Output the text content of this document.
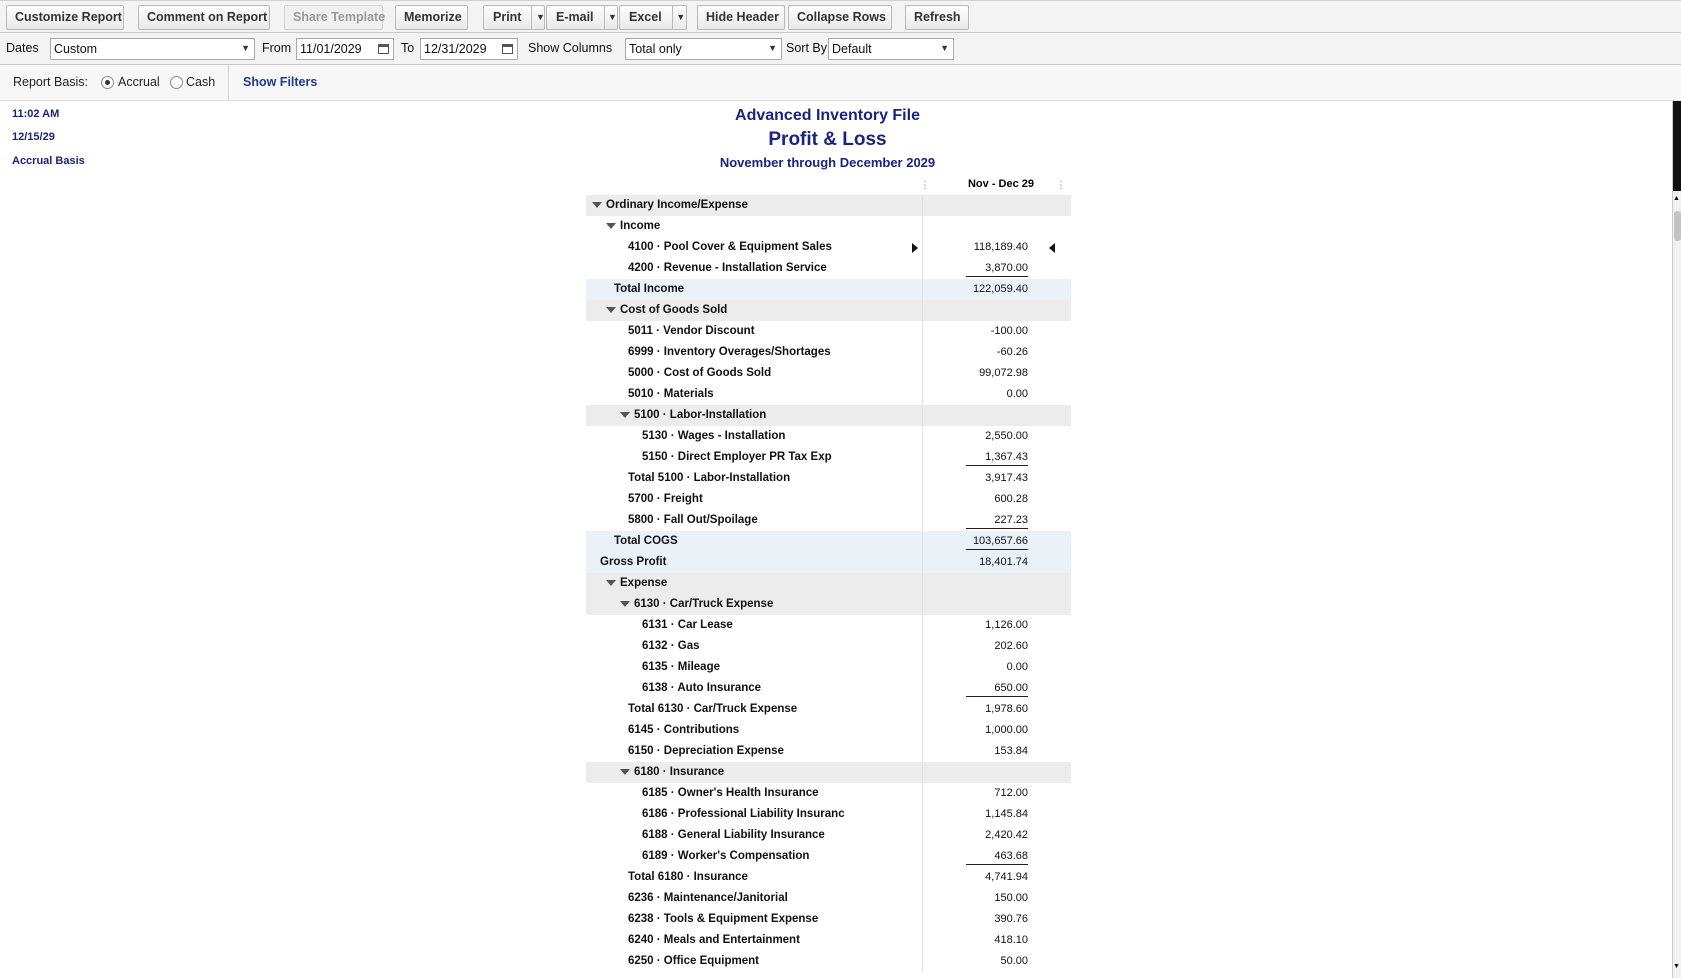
Customize Report	Comment on Report	Share Template	Memorize	Print ▼ E-mail ▼ Excel ▼	Hide Header	Collapse Rows	Refresh
Dates	Custom	▼ From 11/01/2029	To 12/31/2029	Show Columns	Total only	▼ Sort By Default	▼
Report Basis: Accrual Cash Show Filters
11:02 AM
12/15/29
Accrual Basis
Advanced Inventory File
Profit & Loss
November through December 2029
⋮	Nov - Dec 29	⋮
Ordinary Income/Expense
Income
4100 · Pool Cover & Equipment Sales	118,189.40
4200 · Revenue - Installation Service	3,870.00
Total Income	122,059.40
Cost of Goods Sold
5011 · Vendor Discount	-100.00
6999 · Inventory Overages/Shortages	-60.26
5000 · Cost of Goods Sold	99,072.98
5010 · Materials	0.00
5100 · Labor-Installation
5130 · Wages - Installation	2,550.00
5150 · Direct Employer PR Tax Exp	1,367.43
Total 5100 · Labor-Installation	3,917.43
5700 · Freight	600.28
5800 · Fall Out/Spoilage	227.23
Total COGS	103,657.66
Gross Profit	18,401.74
Expense
6130 · Car/Truck Expense
6131 · Car Lease	1,126.00
6132 · Gas	202.60
6135 · Mileage	0.00
6138 · Auto Insurance	650.00
Total 6130 · Car/Truck Expense	1,978.60
6145 · Contributions	1,000.00
6150 · Depreciation Expense	153.84
6180 · Insurance
6185 · Owner's Health Insurance	712.00
6186 · Professional Liability Insuranc	1,145.84
6188 · General Liability Insurance	2,420.42
6189 · Worker's Compensation	463.68
Total 6180 · Insurance	4,741.94
6236 · Maintenance/Janitorial	150.00
6238 · Tools & Equipment Expense	390.76
6240 · Meals and Entertainment	418.10
6250 · Office Equipment	50.00
▲
▼
